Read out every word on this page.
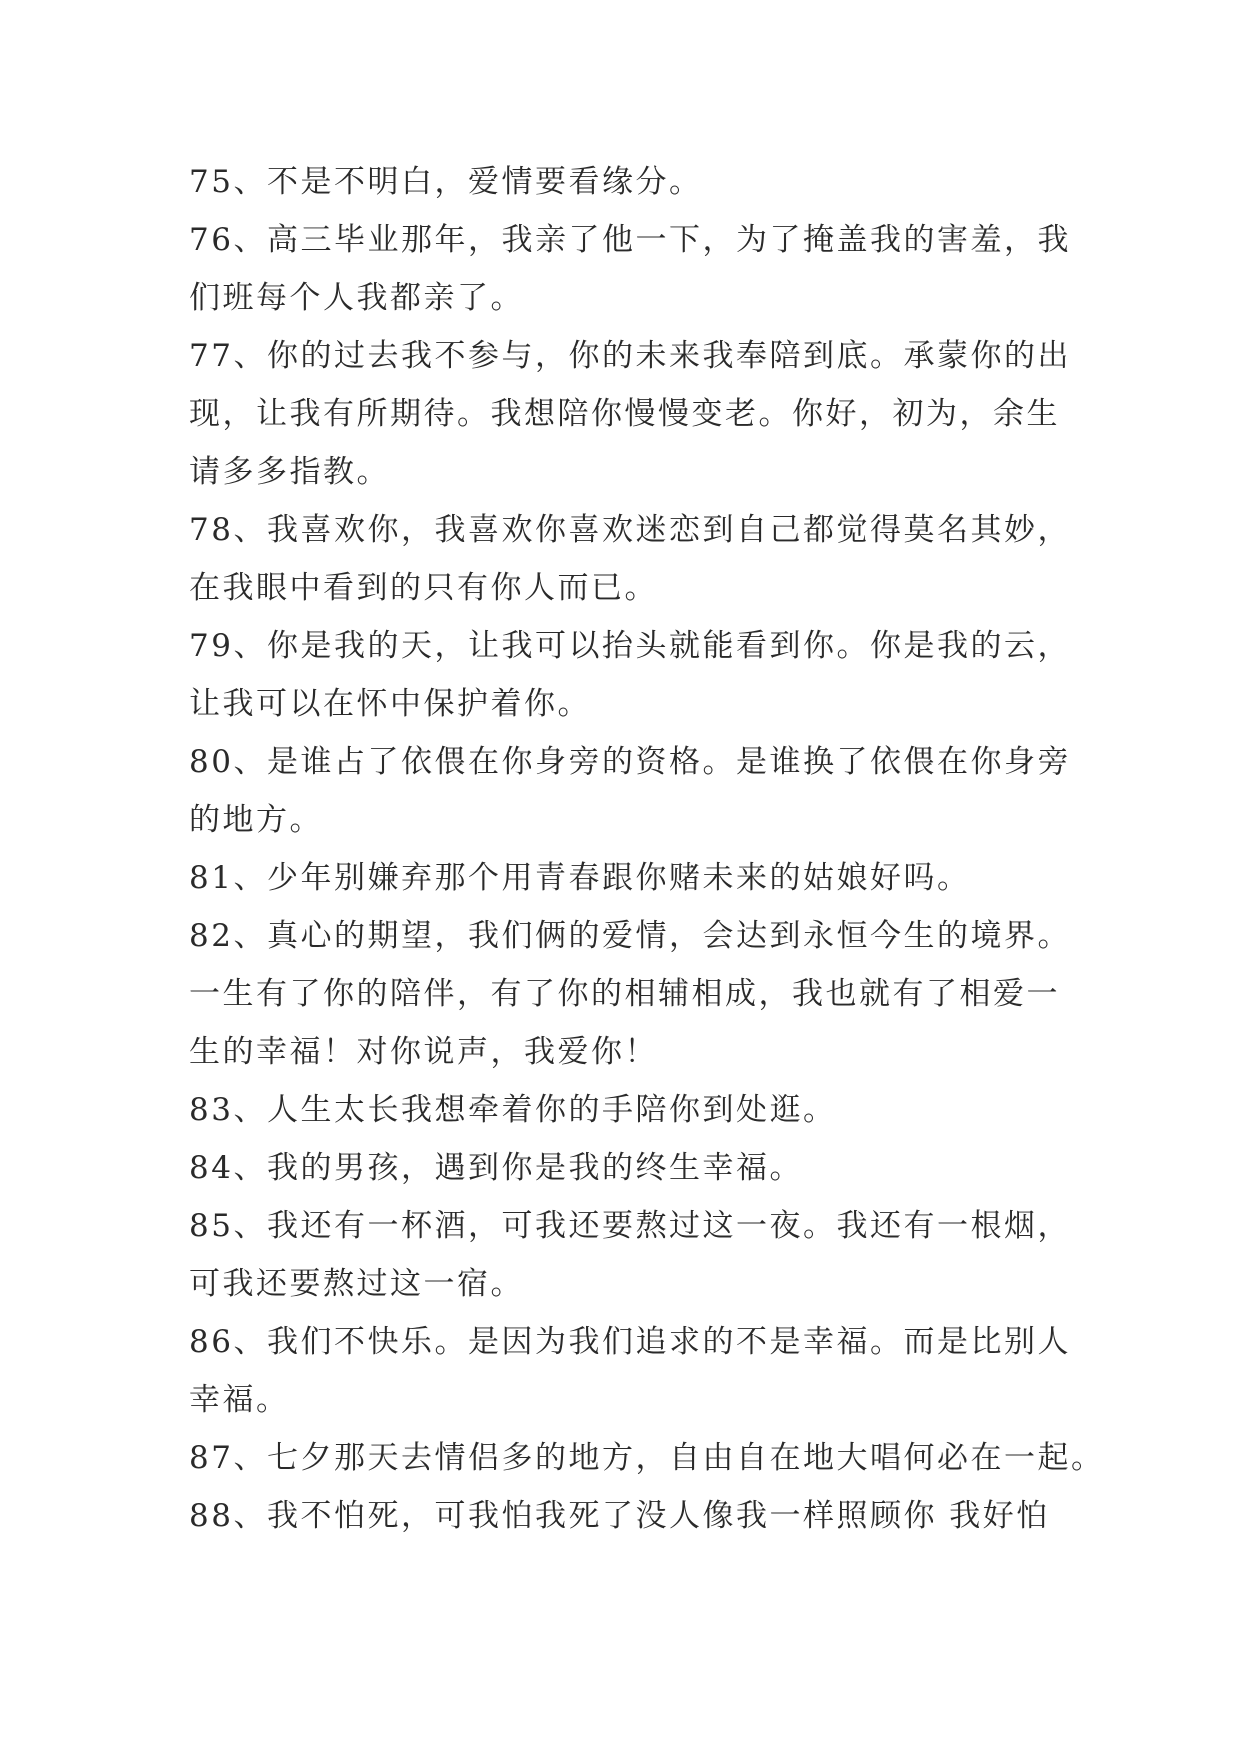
75、不是不明白，爱情要看缘分。
76、高三毕业那年，我亲了他一下，为了掩盖我的害羞，我
们班每个人我都亲了。
77、你的过去我不参与，你的未来我奉陪到底。承蒙你的出
现，让我有所期待。我想陪你慢慢变老。你好，初为，余生
请多多指教。
78、我喜欢你，我喜欢你喜欢迷恋到自己都觉得莫名其妙，
在我眼中看到的只有你人而已。
79、你是我的天，让我可以抬头就能看到你。你是我的云，
让我可以在怀中保护着你。
80、是谁占了依偎在你身旁的资格。是谁换了依偎在你身旁
的地方。
81、少年别嫌弃那个用青春跟你赌未来的姑娘好吗。
82、真心的期望，我们俩的爱情，会达到永恒今生的境界。
一生有了你的陪伴，有了你的相辅相成，我也就有了相爱一
生的幸福！对你说声，我爱你！
83、人生太长我想牵着你的手陪你到处逛。
84、我的男孩，遇到你是我的终生幸福。
85、我还有一杯酒，可我还要熬过这一夜。我还有一根烟，
可我还要熬过这一宿。
86、我们不快乐。是因为我们追求的不是幸福。而是比别人
幸福。
87、七夕那天去情侣多的地方，自由自在地大唱何必在一起。
88、我不怕死，可我怕我死了没人像我一样照顾你 我好怕
